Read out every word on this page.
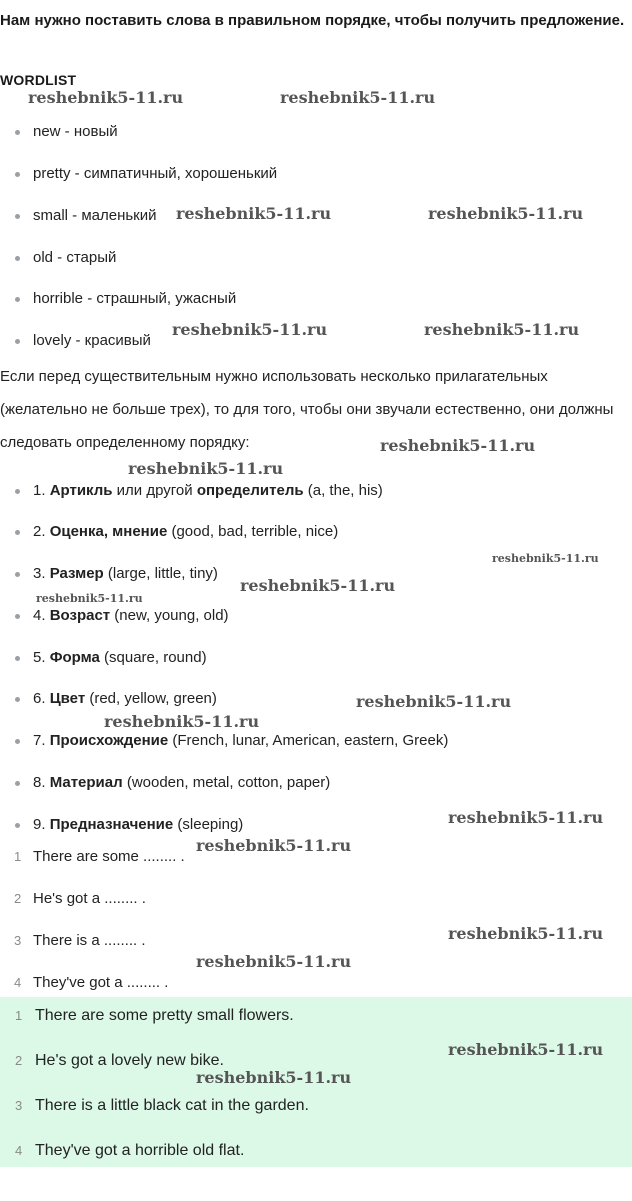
Нам нужно поставить слова в правильном порядке, чтобы получить предложение.
WORDLIST
new - новый
pretty - симпатичный, хорошенький
small - маленький
old - старый
horrible - страшный, ужасный
lovely - красивый
Если перед существительным нужно использовать несколько прилагательных (желательно не больше трех), то для того, чтобы они звучали естественно, они должны следовать определенному порядку:
1. Артикль или другой определитель (a, the, his)
2. Оценка, мнение (good, bad, terrible, nice)
3. Размер (large, little, tiny)
4. Возраст (new, young, old)
5. Форма (square, round)
6. Цвет (red, yellow, green)
7. Происхождение (French, lunar, American, eastern, Greek)
8. Материал (wooden, metal, cotton, paper)
9. Предназначение (sleeping)
1 There are some ........ .
2 He's got a ........ .
3 There is a ........ .
4 They've got a ........ .
1 There are some pretty small flowers.
2 He's got a lovely new bike.
3 There is a little black cat in the garden.
4 They've got a horrible old flat.
reshebnik5-11.ru	reshebnik5-11.ru
reshebnik5-11.ru	reshebnik5-11.ru
reshebnik5-11.ru	reshebnik5-11.ru
reshebnik5-11.ru
reshebnik5-11.ru
reshebnik5-11.ru
reshebnik5-11.ru
reshebnik5-11.ru
reshebnik5-11.ru
reshebnik5-11.ru
reshebnik5-11.ru
reshebnik5-11.ru
reshebnik5-11.ru
reshebnik5-11.ru
reshebnik5-11.ru
reshebnik5-11.ru
